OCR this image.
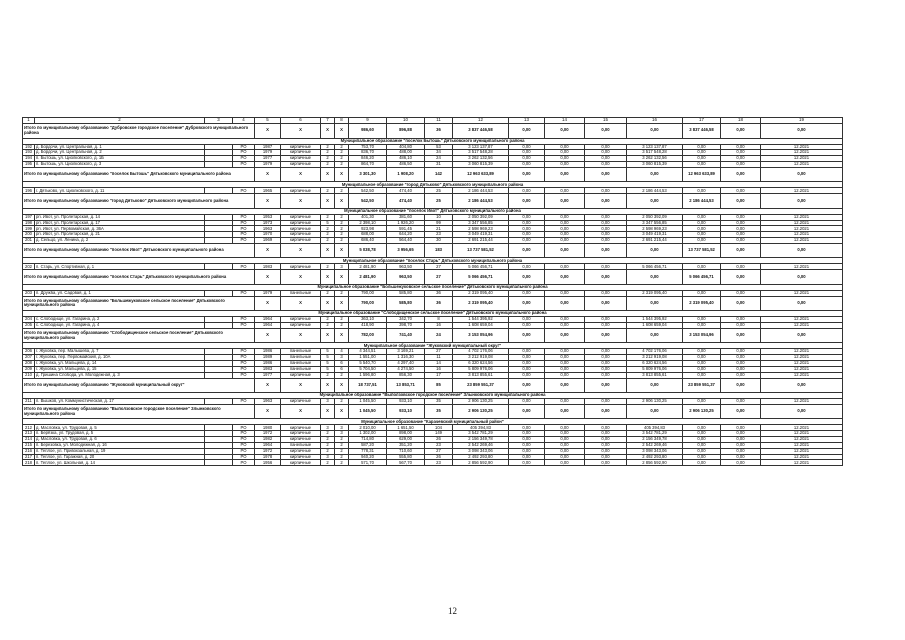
1	2	3	4	5	6	7	8	9	10	11	12	13	14	15	16	17	18	19
Итого по муниципальному образованию "Дубровское городское поселение" Дубровского муниципального района				X	X	X	X	986,60	896,88	36	3 837 446,58	0,00	0,00	0,00	0,00	3 837 446,58	0,00	0,00
Муниципальное образование "поселок Бытошь" Дятьковского муниципального района																		
192	д. Бордочи, ул. Центральная, д. 1		РО	1987	кирпичные	2	2	753,70	404,80	53	3 123 137,87	0,00	0,00	0,00	3 123 137,87	0,00	0,00	12.2021
193	д. Бордочи, ул. Центральная, д. 2		РО	1979	кирпичные	2	2	836,70	488,00	34	3 517 548,28	0,00	0,00	0,00	3 517 548,28	0,00	0,00	12.2021
194	п. Бытошь, ул. Циолковского, д. 1Б		РО	1977	кирпичные	2	2	846,20	486,10	24	3 262 132,56	0,00	0,00	0,00	3 262 132,56	0,00	0,00	12.2021
195	п. Бытошь, ул. Циолковского, д. 3		РО	1979	кирпичные	2	2	864,70	486,50	31	3 060 815,39	0,00	0,00	0,00	3 060 815,39	0,00	0,00	12.2021
Итого по муниципальному образованию "поселок Бытошь" Дятьковского муниципального района				X	X	X	X	3 301,30	1 908,20	142	12 963 633,89	0,00	0,00	0,00	0,00	12 963 633,89	0,00	0,00
Муниципальное образование "город Дятьково" Дятьковского муниципального района																		
196	г. Дятьково, ул. Циолковского, д. 11		РО	1965	кирпичные	2	2	542,50	474,40	25	2 186 444,53	0,00	0,00	0,00	2 186 444,53	0,00	0,00	12.2021
Итого по муниципальному образованию "город Дятьково" Дятьковского муниципального района				X	X	X	X	542,50	474,40	25	2 186 444,53	0,00	0,00	0,00	0,00	2 186 444,53	0,00	0,00
Муниципальное образование "поселок Ивот" Дятьковского муниципального района																		
197	рп. Ивот, ул. Пролетарская, д. 14		РО	1953	кирпичные	2	2	401,30	381,60	10	2 050 392,09	0,00	0,00	0,00	2 050 392,09	0,00	0,00	12.2021
198	рп. Ивот, ул. Пролетарская, д. 17		РО	1973	кирпичные	5	2	2 398,10	1 926,20	99	3 347 556,85	0,00	0,00	0,00	3 347 556,85	0,00	0,00	12.2021
199	рп. Ивот, ул. Первомайская, д. 36А		РО	1963	кирпичные	2	2	923,98	591,45	21	2 598 969,23	0,00	0,00	0,00	2 598 969,23	0,00	0,00	12.2021
200	рп. Ивот, ул. Пролетарская, д. 21		РО	1970	кирпичные	2	2	688,00	644,20	23	3 049 419,31	0,00	0,00	0,00	3 049 419,31	0,00	0,00	12.2021
201	д. Сельцо, ул. Ленина, д. 2		РО	1969	кирпичные	2	2	686,40	564,40	30	2 691 215,44	0,00	0,00	0,00	2 691 215,44	0,00	0,00	12.2021
Итого по муниципальному образованию "поселок Ивот" Дятьковского муниципального района				X	X	X	X	5 038,78	3 956,65	183	13 737 581,52	0,00	0,00	0,00	0,00	13 737 581,52	0,00	0,00
Муниципальное образование "поселок Старь" Дятьковского муниципального района																		
202	п. Старь, ул. Спортивная, д. 1		РО	1983	кирпичные	2	3	2 481,90	963,50	27	5 066 456,71	0,00	0,00	0,00	5 066 456,71	0,00	0,00	12.2021
Итого по муниципальному образованию "поселок Старь" Дятьковского муниципального района				X	X	X	X	2 481,90	963,50	27	5 066 456,71	0,00	0,00	0,00	0,00	5 066 456,71	0,00	0,00
Муниципальное образование "Большежуковское сельское поселение" Дятьковского муниципального района																		
203	п. Дружба, ул. Садовая, д. 1		РО	1979	панельные	2	2	790,00	585,80	36	2 319 095,40	0,00	0,00	0,00	2 319 095,40	0,00	0,00	12.2021
Итого по муниципальному образованию "Большежуковское сельское поселение" Дятьковского муниципального района				X	X	X	X	790,00	585,80	36	2 319 095,40	0,00	0,00	0,00	0,00	2 319 095,40	0,00	0,00
Муниципальное образование "Слободищенское сельское поселение" Дятьковского муниципального района																		
204	с. Слободище, ул. Гагарина, д. 2		РО	1964	кирпичные	2	2	363,10	342,70	8	1 544 395,92	0,00	0,00	0,00	1 544 395,92	0,00	0,00	12.2021
205	с. Слободище, ул. Гагарина, д. 4		РО	1964	кирпичные	2	2	418,90	398,70	16	1 608 659,04	0,00	0,00	0,00	1 608 659,04	0,00	0,00	12.2021
Итого по муниципальному образованию "Слободищенское сельское поселение" Дятьковского муниципального района				X	X	X	X	782,00	741,40	24	3 153 054,96	0,00	0,00	0,00	0,00	3 153 054,96	0,00	0,00
Муниципальное образование "Жуковский муниципальный округ"																		
206	г. Жуковка, пер. Малышева, д. 7		РО	1986	панельные	5	4	4 344,51	3 169,21	27	4 702 176,06	0,00	0,00	0,00	4 702 176,06	0,00	0,00	12.2021
207	г. Жуковка, пер. Первомайский, д. 10А		РО	1989	панельные	5	3	1 551,00	1 316,30	11	3 212 919,08	0,00	0,00	0,00	3 212 919,08	0,00	0,00	12.2021
208	г. Жуковка, ул. Мальцева, д. 14		РО	1986	панельные	5	6	5 540,70	4 297,40	14	6 320 624,56	0,00	0,00	0,00	6 320 624,56	0,00	0,00	12.2021
209	г. Жуковка, ул. Мальцева, д. 15		РО	1983	панельные	5	6	5 704,50	4 274,50	16	5 809 976,06	0,00	0,00	0,00	5 809 976,06	0,00	0,00	12.2021
210	д. Гришина Слобода, ул. Молодежная, д. 3		РО	1977	кирпичные	2	2	1 596,80	856,30	17	3 813 855,61	0,00	0,00	0,00	3 813 855,61	0,00	0,00	12.2021
Итого по муниципальному образованию "Жуковский муниципальный округ"				X	X	X	X	18 737,51	13 853,71	85	23 859 551,37	0,00	0,00	0,00	0,00	23 859 551,37	0,00	0,00
Муниципальное образование "Выползовское городское поселение" Злынковского муниципального района																		
211	п. Вышков, ул. Коммунистическая, д. 17		РО	1963	кирпичные	3	2	1 045,50	933,10	35	2 906 130,25	0,00	0,00	0,00	2 906 130,25	0,00	0,00	12.2021
Итого по муниципальному образованию "Выползовское городское поселение" Злынковского муниципального района				X	X	X	X	1 045,50	933,10	35	2 906 130,25	0,00	0,00	0,00	0,00	2 906 130,25	0,00	0,00
Муниципальное образование "Карачевский муниципальный район"																		
212	д. Масловка, ул. Трудовая, д. 5		РО	1980	кирпичные	3	3	2 010,00	1 651,50	104	405 394,83	0,00	0,00	0,00	405 394,83	0,00	0,00	12.2021
213	п. Берёзка, ул. Трудовая, д. 5		РО	1972	кирпичные	2	3	1 302,00	898,00	149	3 542 781,29	0,00	0,00	0,00	3 542 781,29	0,00	0,00	12.2021
214	д. Масловка, ул. Трудовая, д. 6		РО	1982	кирпичные	2	2	714,80	629,00	26	2 156 349,78	0,00	0,00	0,00	2 156 349,78	0,00	0,00	12.2021
215	п. Березовка, ул. Молодежная, д. 16		РО	1964	панельные	2	2	587,20	351,20	23	2 542 269,46	0,00	0,00	0,00	2 542 269,46	0,00	0,00	12.2021
216	п. Теплое, ул. Привокзальная, д. 19		РО	1972	кирпичные	2	2	778,31	710,60	27	3 098 343,06	0,00	0,00	0,00	3 098 343,06	0,00	0,00	12.2021
217	п. Теплое, ул. Гаражная, д. 20		РО	1978	кирпичные	3	2	940,20	555,80	26	2 492 293,80	0,00	0,00	0,00	2 492 293,80	0,00	0,00	12.2021
218	п. Теплое, ул. Школьная, д. 14		РО	1956	кирпичные	2	2	571,70	567,70	23	2 856 592,90	0,00	0,00	0,00	2 856 592,90	0,00	0,00	12.2021
12
